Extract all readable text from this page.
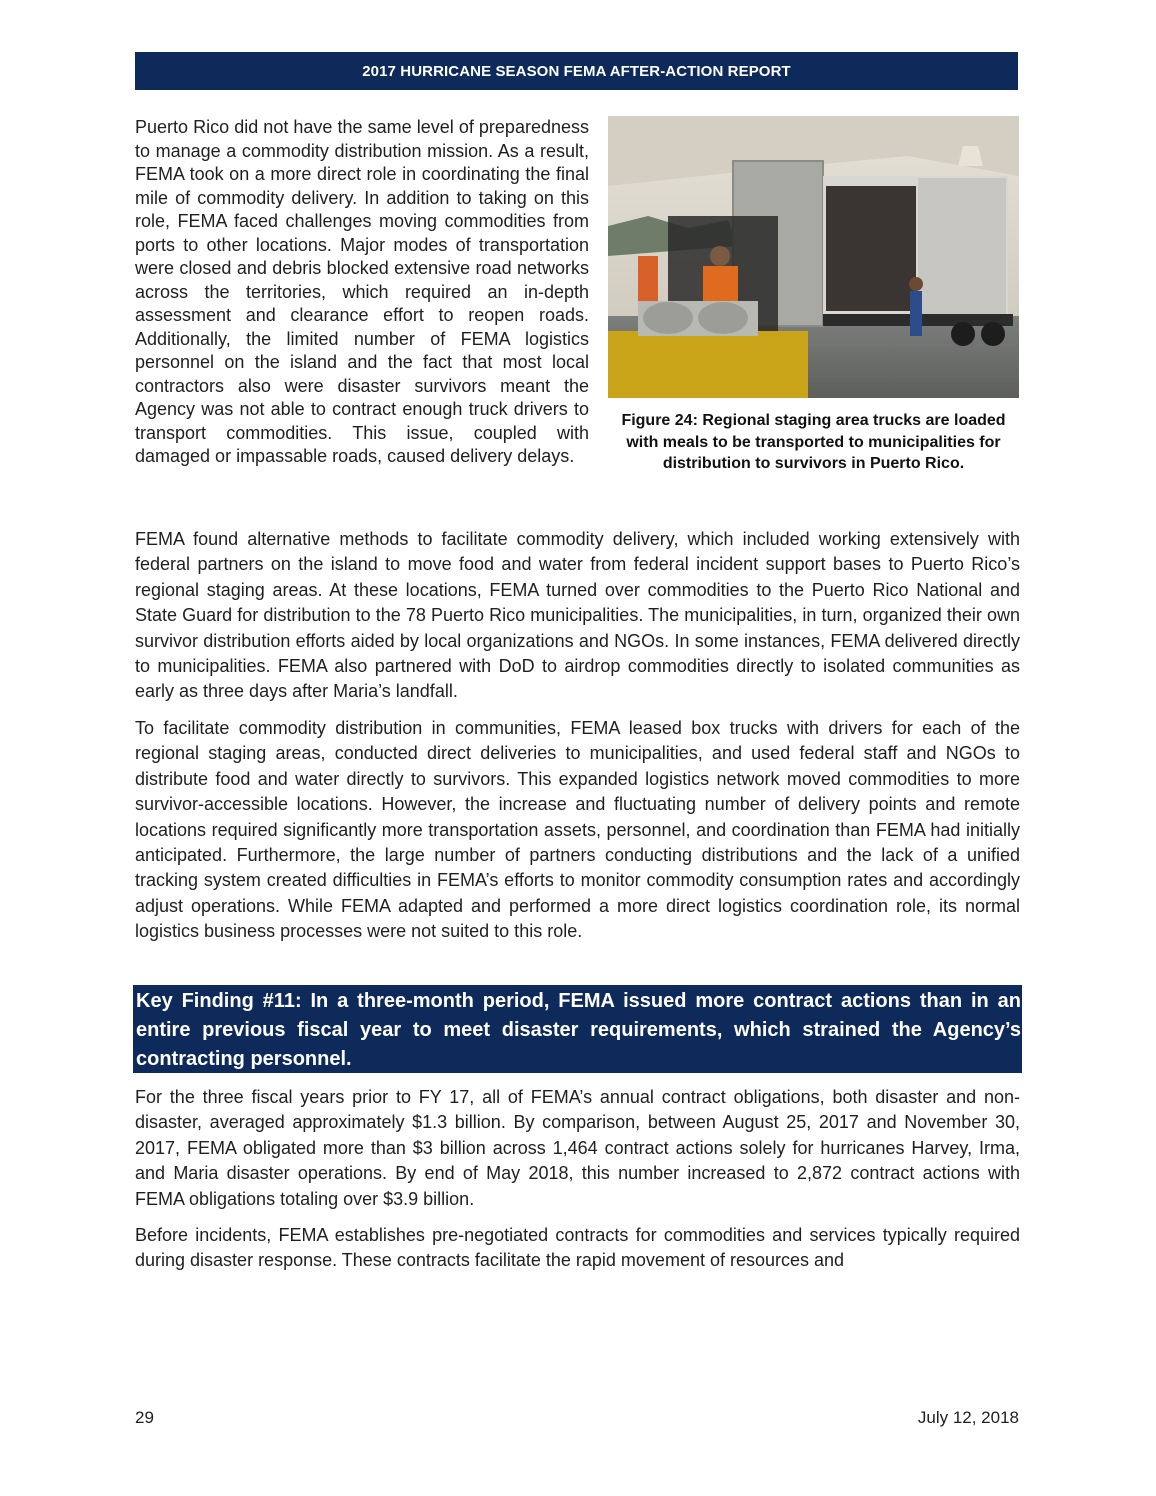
2017 HURRICANE SEASON FEMA AFTER-ACTION REPORT

Puerto Rico did not have the same level of preparedness to manage a commodity distribution mission. As a result, FEMA took on a more direct role in coordinating the final mile of commodity delivery. In addition to taking on this role, FEMA faced challenges moving commodities from ports to other locations. Major modes of transportation were closed and debris blocked extensive road networks across the territories, which required an in-depth assessment and clearance effort to reopen roads. Additionally, the limited number of FEMA logistics personnel on the island and the fact that most local contractors also were disaster survivors meant the Agency was not able to contract enough truck drivers to transport commodities. This issue, coupled with damaged or impassable roads, caused delivery delays.

Figure 24: Regional staging area trucks are loaded with meals to be transported to municipalities for distribution to survivors in Puerto Rico.

FEMA found alternative methods to facilitate commodity delivery, which included working extensively with federal partners on the island to move food and water from federal incident support bases to Puerto Rico’s regional staging areas. At these locations, FEMA turned over commodities to the Puerto Rico National and State Guard for distribution to the 78 Puerto Rico municipalities. The municipalities, in turn, organized their own survivor distribution efforts aided by local organizations and NGOs. In some instances, FEMA delivered directly to municipalities. FEMA also partnered with DoD to airdrop commodities directly to isolated communities as early as three days after Maria’s landfall.

To facilitate commodity distribution in communities, FEMA leased box trucks with drivers for each of the regional staging areas, conducted direct deliveries to municipalities, and used federal staff and NGOs to distribute food and water directly to survivors. This expanded logistics network moved commodities to more survivor-accessible locations. However, the increase and fluctuating number of delivery points and remote locations required significantly more transportation assets, personnel, and coordination than FEMA had initially anticipated. Furthermore, the large number of partners conducting distributions and the lack of a unified tracking system created difficulties in FEMA’s efforts to monitor commodity consumption rates and accordingly adjust operations. While FEMA adapted and performed a more direct logistics coordination role, its normal logistics business processes were not suited to this role.

Key Finding #11: In a three-month period, FEMA issued more contract actions than in an entire previous fiscal year to meet disaster requirements, which strained the Agency’s contracting personnel.

For the three fiscal years prior to FY 17, all of FEMA’s annual contract obligations, both disaster and non-disaster, averaged approximately $1.3 billion. By comparison, between August 25, 2017 and November 30, 2017, FEMA obligated more than $3 billion across 1,464 contract actions solely for hurricanes Harvey, Irma, and Maria disaster operations. By end of May 2018, this number increased to 2,872 contract actions with FEMA obligations totaling over $3.9 billion.

Before incidents, FEMA establishes pre-negotiated contracts for commodities and services typically required during disaster response. These contracts facilitate the rapid movement of resources and

29	July 12, 2018
